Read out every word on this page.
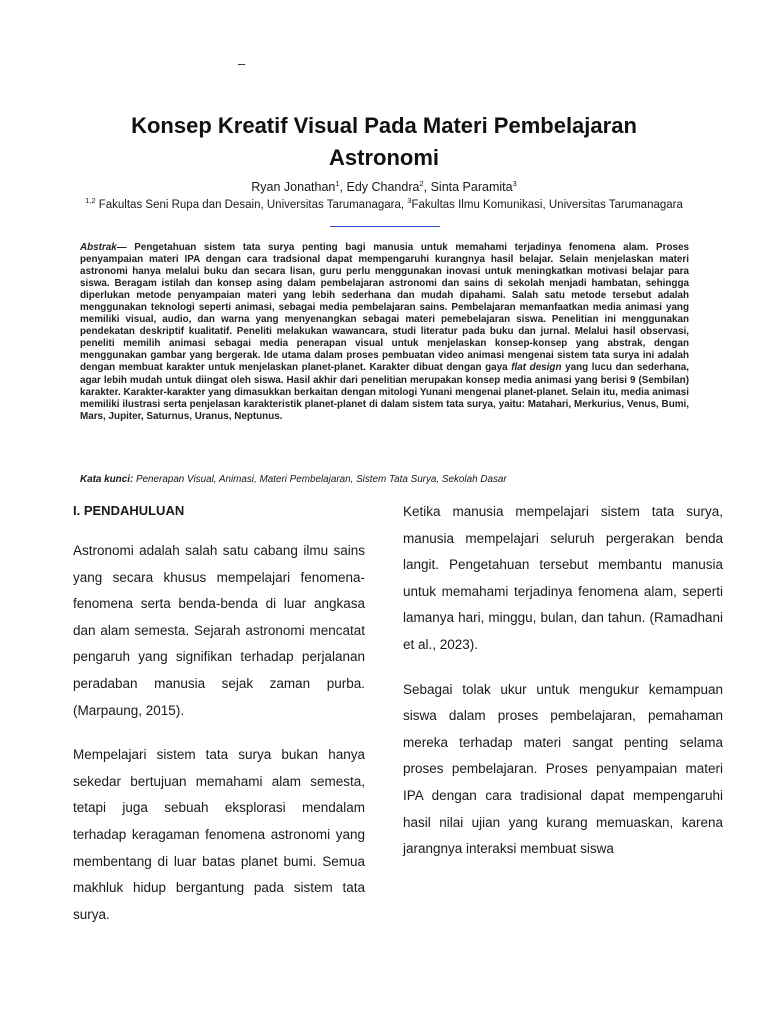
–
Konsep Kreatif Visual Pada Materi Pembelajaran Astronomi
Ryan Jonathan$^1$, Edy Chandra$^2$, Sinta Paramita$^3$
$^{1,2}$ Fakultas Seni Rupa dan Desain, Universitas Tarumanagara, $^3$Fakultas Ilmu Komunikasi, Universitas Tarumanagara
Abstrak— Pengetahuan sistem tata surya penting bagi manusia untuk memahami terjadinya fenomena alam. Proses penyampaian materi IPA dengan cara tradsional dapat mempengaruhi kurangnya hasil belajar. Selain menjelaskan materi astronomi hanya melalui buku dan secara lisan, guru perlu menggunakan inovasi untuk meningkatkan motivasi belajar para siswa. Beragam istilah dan konsep asing dalam pembelajaran astronomi dan sains di sekolah menjadi hambatan, sehingga diperlukan metode penyampaian materi yang lebih sederhana dan mudah dipahami. Salah satu metode tersebut adalah menggunakan teknologi seperti animasi, sebagai media pembelajaran sains. Pembelajaran memanfaatkan media animasi yang memiliki visual, audio, dan warna yang menyenangkan sebagai materi pemebelajaran siswa. Penelitian ini menggunakan pendekatan deskriptif kualitatif. Peneliti melakukan wawancara, studi literatur pada buku dan jurnal. Melalui hasil observasi, peneliti memilih animasi sebagai media penerapan visual untuk menjelaskan konsep-konsep yang abstrak, dengan menggunakan gambar yang bergerak. Ide utama dalam proses pembuatan video animasi mengenai sistem tata surya ini adalah dengan membuat karakter untuk menjelaskan planet-planet. Karakter dibuat dengan gaya flat design yang lucu dan sederhana, agar lebih mudah untuk diingat oleh siswa. Hasil akhir dari penelitian merupakan konsep media animasi yang berisi 9 (Sembilan) karakter. Karakter-karakter yang dimasukkan berkaitan dengan mitologi Yunani mengenai planet-planet. Selain itu, media animasi memiliki ilustrasi serta penjelasan karakteristik planet-planet di dalam sistem tata surya, yaitu: Matahari, Merkurius, Venus, Bumi, Mars, Jupiter, Saturnus, Uranus, Neptunus.
Kata kunci: Penerapan Visual, Animasi, Materi Pembelajaran, Sistem Tata Surya, Sekolah Dasar
I. PENDAHULUAN

Astronomi adalah salah satu cabang ilmu sains yang secara khusus mempelajari fenomena-fenomena serta benda-benda di luar angkasa dan alam semesta. Sejarah astronomi mencatat pengaruh yang signifikan terhadap perjalanan peradaban manusia sejak zaman purba. (Marpaung, 2015).

Mempelajari sistem tata surya bukan hanya sekedar bertujuan memahami alam semesta, tetapi juga sebuah eksplorasi mendalam terhadap keragaman fenomena astronomi yang membentang di luar batas planet bumi. Semua makhluk hidup bergantung pada sistem tata surya.

Ketika manusia mempelajari sistem tata surya, manusia mempelajari seluruh pergerakan benda langit. Pengetahuan tersebut membantu manusia untuk memahami terjadinya fenomena alam, seperti lamanya hari, minggu, bulan, dan tahun. (Ramadhani et al., 2023).

Sebagai tolak ukur untuk mengukur kemampuan siswa dalam proses pembelajaran, pemahaman mereka terhadap materi sangat penting selama proses pembelajaran. Proses penyampaian materi IPA dengan cara tradisional dapat mempengaruhi hasil nilai ujian yang kurang memuaskan, karena jarangnya interaksi membuat siswa
